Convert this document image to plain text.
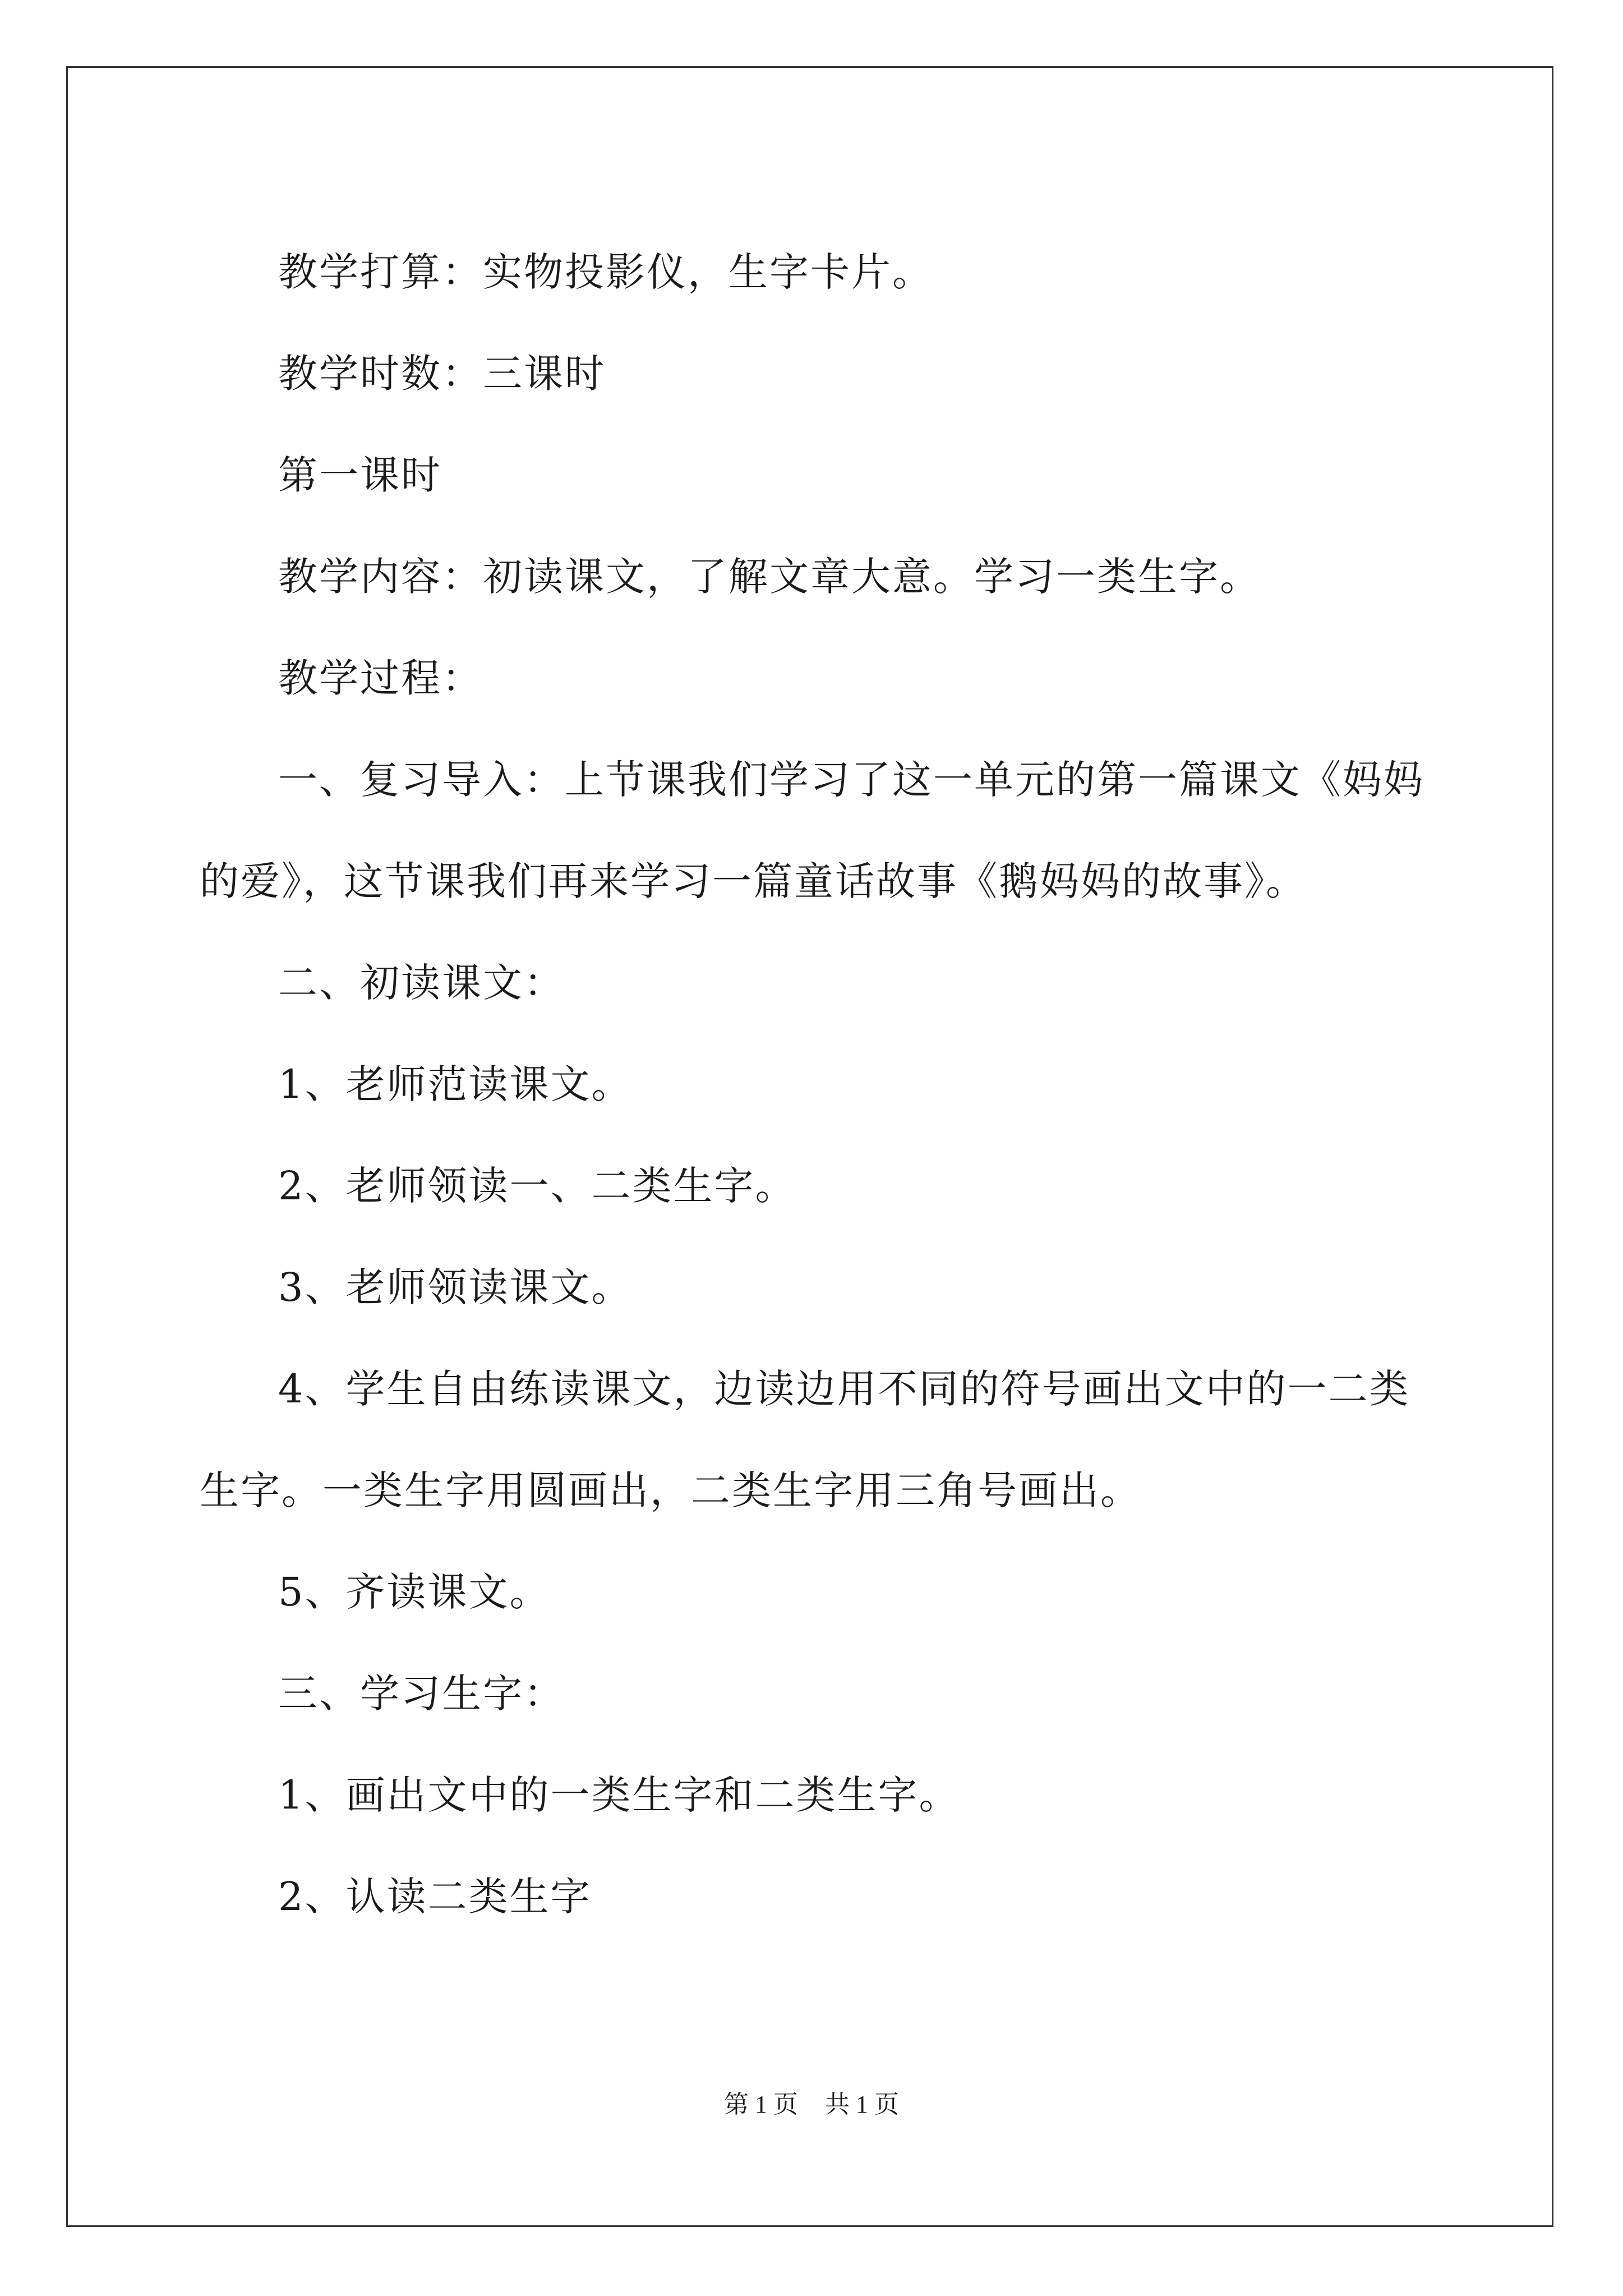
教学打算：实物投影仪，生字卡片。

教学时数：三课时

第一课时

教学内容：初读课文，了解文章大意。学习一类生字。

教学过程：

一、复习导入：上节课我们学习了这一单元的第一篇课文《妈妈的爱》，这节课我们再来学习一篇童话故事《鹅妈妈的故事》。

二、初读课文：

1、老师范读课文。

2、老师领读一、二类生字。

3、老师领读课文。

4、学生自由练读课文，边读边用不同的符号画出文中的一二类生字。一类生字用圆画出，二类生字用三角号画出。

5、齐读课文。

三、学习生字：

1、画出文中的一类生字和二类生字。

2、认读二类生字

第 1 页 共 1 页
